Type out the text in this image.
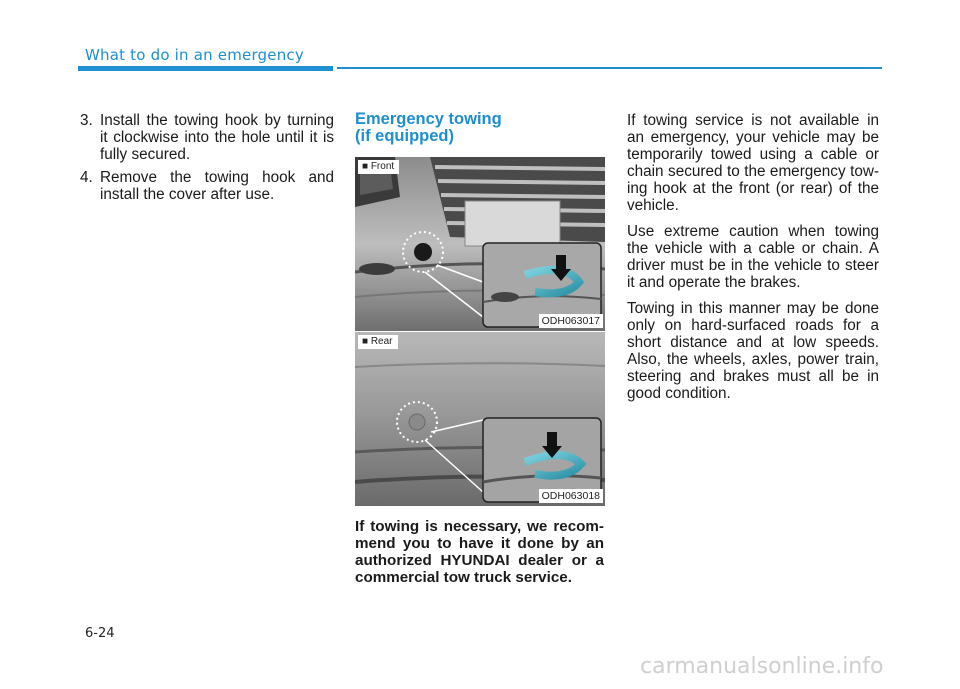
What to do in an emergency
3. Install the towing hook by turning it clockwise into the hole until it is fully secured.
4. Remove the towing hook and install the cover after use.
Emergency towing
(if equipped)
■ Front
ODH063017
■ Rear
ODH063018
If towing is necessary, we recom-mend you to have it done by an authorized HYUNDAI dealer or a commercial tow truck service.

If towing service is not available in an emergency, your vehicle may be temporarily towed using a cable or chain secured to the emergency tow-ing hook at the front (or rear) of the vehicle.

Use extreme caution when towing the vehicle with a cable or chain. A driver must be in the vehicle to steer it and operate the brakes.

Towing in this manner may be done only on hard-surfaced roads for a short distance and at low speeds. Also, the wheels, axles, power train, steering and brakes must all be in good condition.

6-24
carmanualsonline.info
